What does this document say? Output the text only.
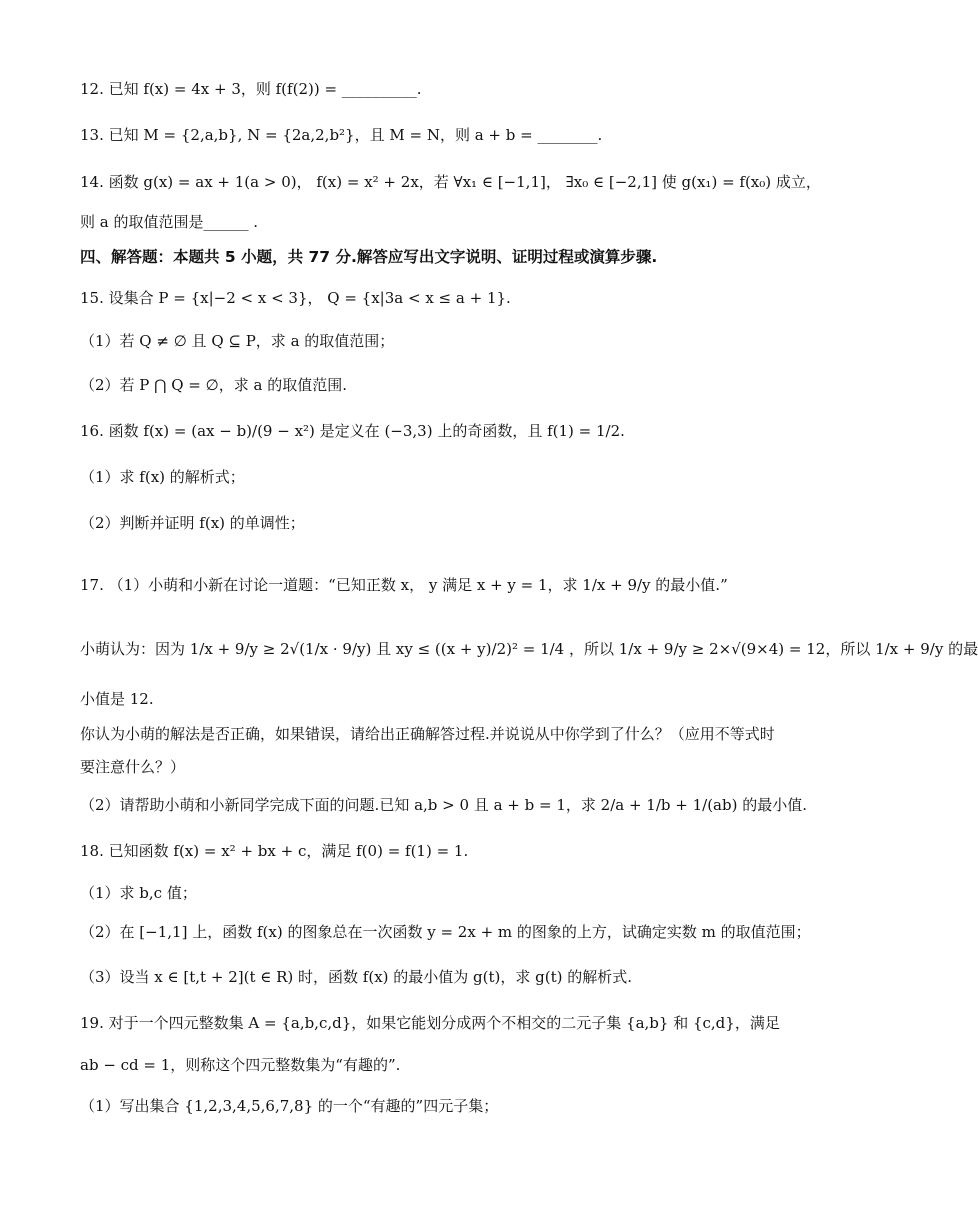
12. 已知 f(x) = 4x + 3，则 f(f(2)) = __________.
13. 已知 M = {2,a,b}, N = {2a,2,b²}，且 M = N，则 a + b = ________.
14. 函数 g(x) = ax + 1(a > 0)， f(x) = x² + 2x，若 ∀x₁ ∈ [−1,1]， ∃x₀ ∈ [−2,1] 使 g(x₁) = f(x₀) 成立，
则 a 的取值范围是______ .
四、解答题：本题共 5 小题，共 77 分.解答应写出文字说明、证明过程或演算步骤.
15. 设集合 P = {x|−2 < x < 3}， Q = {x|3a < x ≤ a + 1}.
（1）若 Q ≠ ∅ 且 Q ⊆ P，求 a 的取值范围；
（2）若 P ⋂ Q = ∅，求 a 的取值范围.
16. 函数 f(x) = (ax − b)/(9 − x²) 是定义在 (−3,3) 上的奇函数，且 f(1) = 1/2.
（1）求 f(x) 的解析式；
（2）判断并证明 f(x) 的单调性；
17. （1）小萌和小新在讨论一道题：“已知正数 x， y 满足 x + y = 1，求 1/x + 9/y 的最小值.”
小萌认为：因为 1/x + 9/y ≥ 2√(1/x · 9/y) 且 xy ≤ ((x + y)/2)² = 1/4 ，所以 1/x + 9/y ≥ 2×√(9×4) = 12，所以 1/x + 9/y 的最
小值是 12.
你认为小萌的解法是否正确，如果错误，请给出正确解答过程.并说说从中你学到了什么？（应用不等式时
要注意什么？）
（2）请帮助小萌和小新同学完成下面的问题.已知 a,b > 0 且 a + b = 1，求 2/a + 1/b + 1/(ab) 的最小值.
18. 已知函数 f(x) = x² + bx + c，满足 f(0) = f(1) = 1.
（1）求 b,c 值；
（2）在 [−1,1] 上，函数 f(x) 的图象总在一次函数 y = 2x + m 的图象的上方，试确定实数 m 的取值范围；
（3）设当 x ∈ [t,t + 2](t ∈ R) 时，函数 f(x) 的最小值为 g(t)，求 g(t) 的解析式.
19. 对于一个四元整数集 A = {a,b,c,d}，如果它能划分成两个不相交的二元子集 {a,b} 和 {c,d}，满足
ab − cd = 1，则称这个四元整数集为“有趣的”.
（1）写出集合 {1,2,3,4,5,6,7,8} 的一个“有趣的”四元子集；
